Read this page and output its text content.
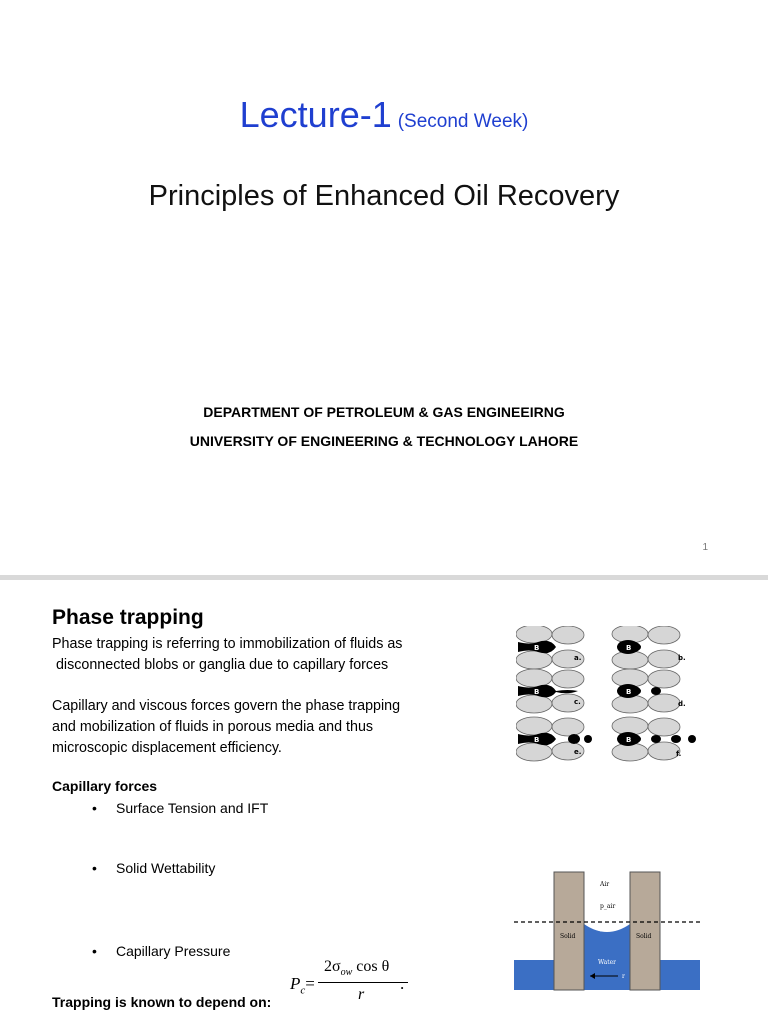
Lecture-1 (Second Week)
Principles of Enhanced Oil Recovery
DEPARTMENT OF PETROLEUM & GAS ENGINEEIRNG
UNIVERSITY OF ENGINEERING & TECHNOLOGY LAHORE
1
Phase trapping
Phase trapping is referring to immobilization of fluids as
disconnected blobs or ganglia due to capillary forces
Capillary and viscous forces govern the phase trapping
and mobilization of fluids in porous media and thus
microscopic displacement efficiency.
Capillary forces
• Surface Tension and IFT
• Solid Wettability
• Capillary Pressure
Trapping is known to depend on:
$P_c=$
$2\sigma_{ow}$ cos θ
r
.
B	B
B	B
B	B
a.	b.
c.	d.
e.	f.
Air
p_air
p_W
Solid	Solid
Water
r
